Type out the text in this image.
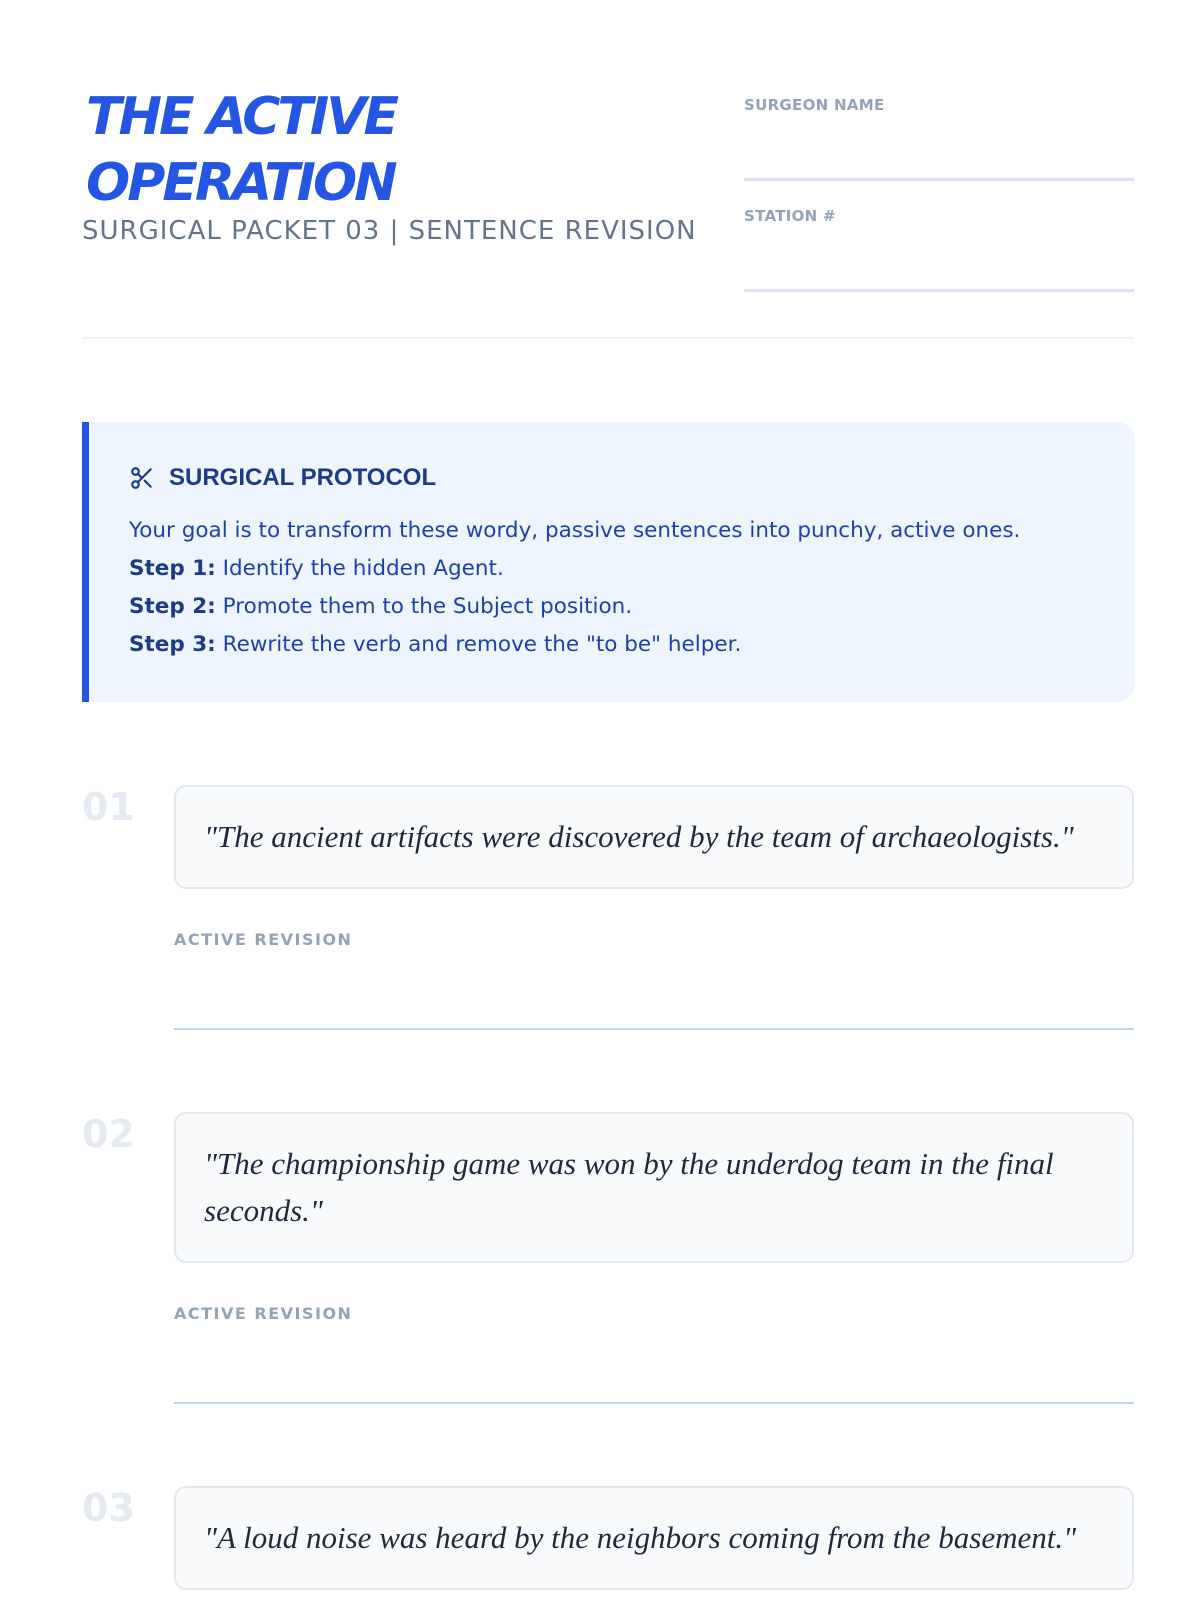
THE ACTIVE
OPERATION
SURGICAL PACKET 03 | SENTENCE REVISION
SURGEON NAME
STATION #
SURGICAL PROTOCOL
Your goal is to transform these wordy, passive sentences into punchy, active ones.
Step 1: Identify the hidden Agent.
Step 2: Promote them to the Subject position.
Step 3: Rewrite the verb and remove the "to be" helper.
01
"The ancient artifacts were discovered by the team of archaeologists."
ACTIVE REVISION
02
"The championship game was won by the underdog team in the final seconds."
ACTIVE REVISION
03
"A loud noise was heard by the neighbors coming from the basement."
